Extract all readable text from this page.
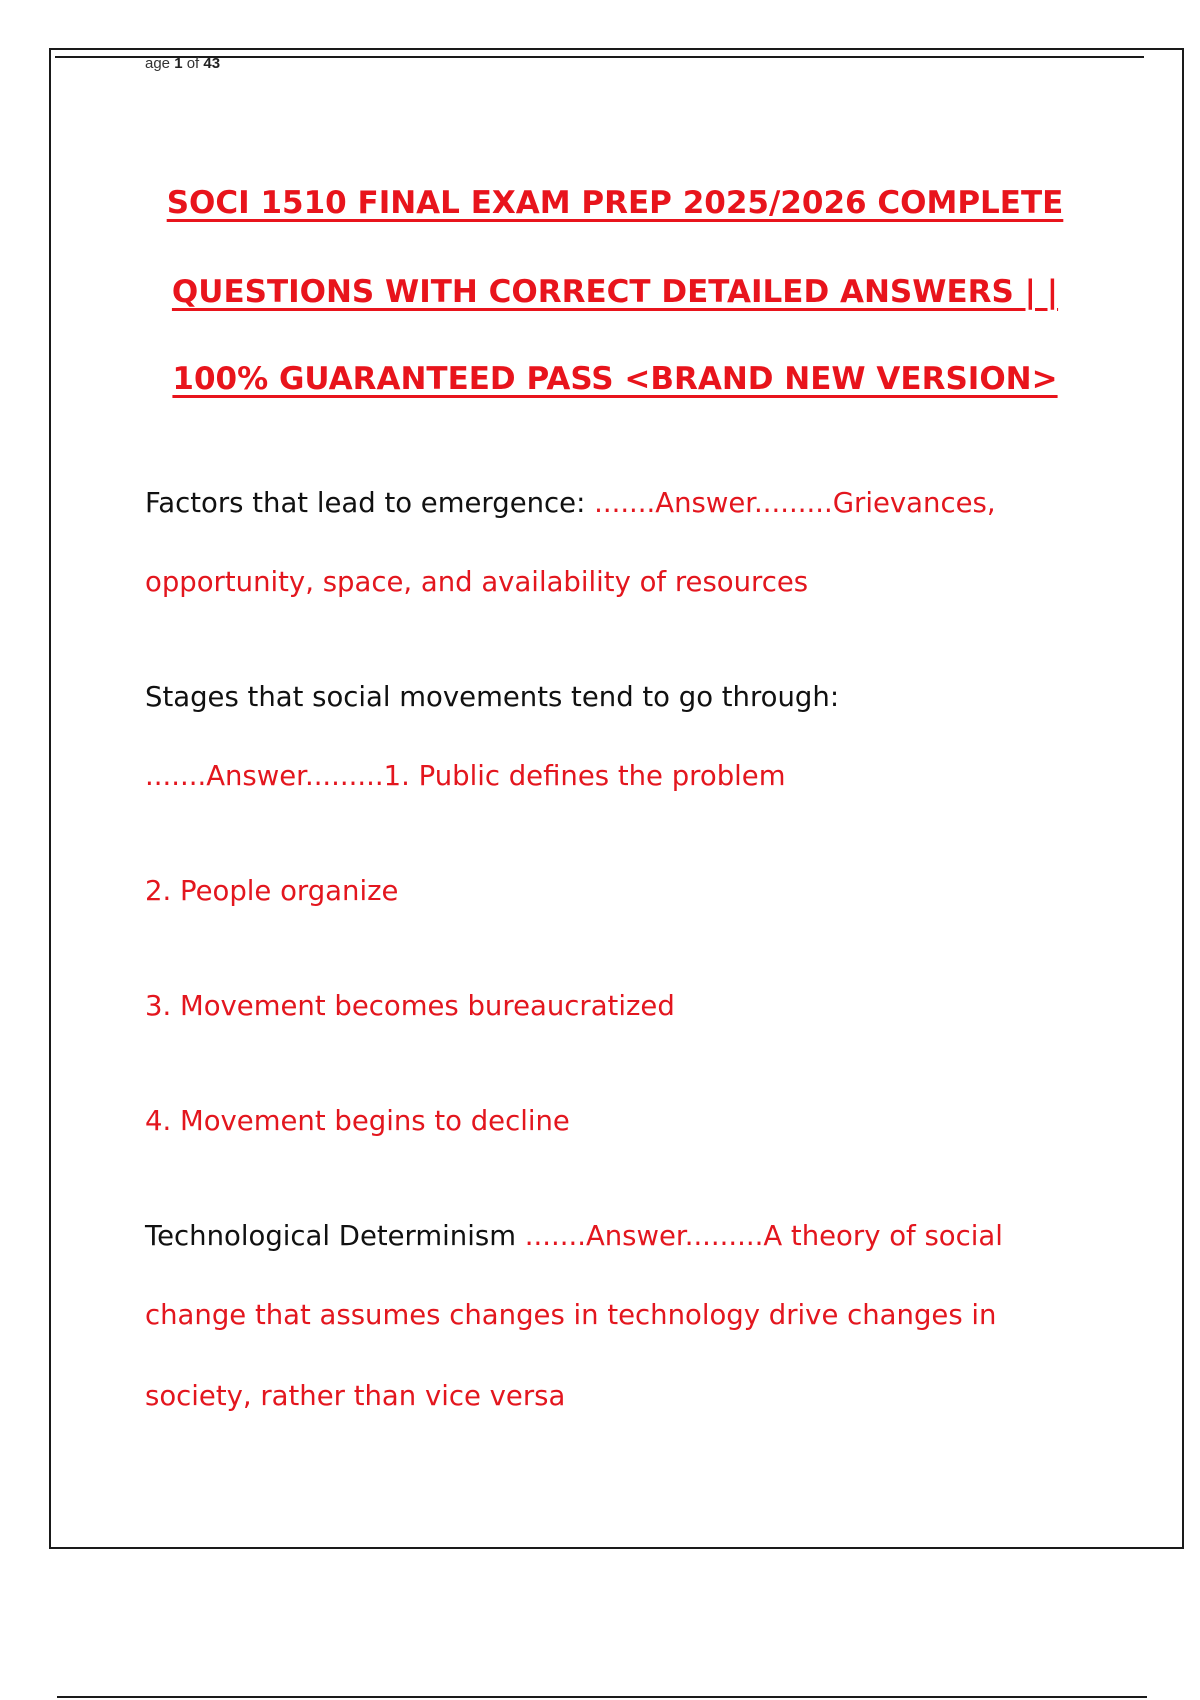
age 1 of 43
SOCI 1510 FINAL EXAM PREP 2025/2026 COMPLETE
QUESTIONS WITH CORRECT DETAILED ANSWERS | |
100% GUARANTEED PASS <BRAND NEW VERSION>
Factors that lead to emergence: .......Answer.........Grievances,
opportunity, space, and availability of resources
Stages that social movements tend to go through:
.......Answer.........1. Public defines the problem
2. People organize
3. Movement becomes bureaucratized
4. Movement begins to decline
Technological Determinism .......Answer.........A theory of social
change that assumes changes in technology drive changes in
society, rather than vice versa
